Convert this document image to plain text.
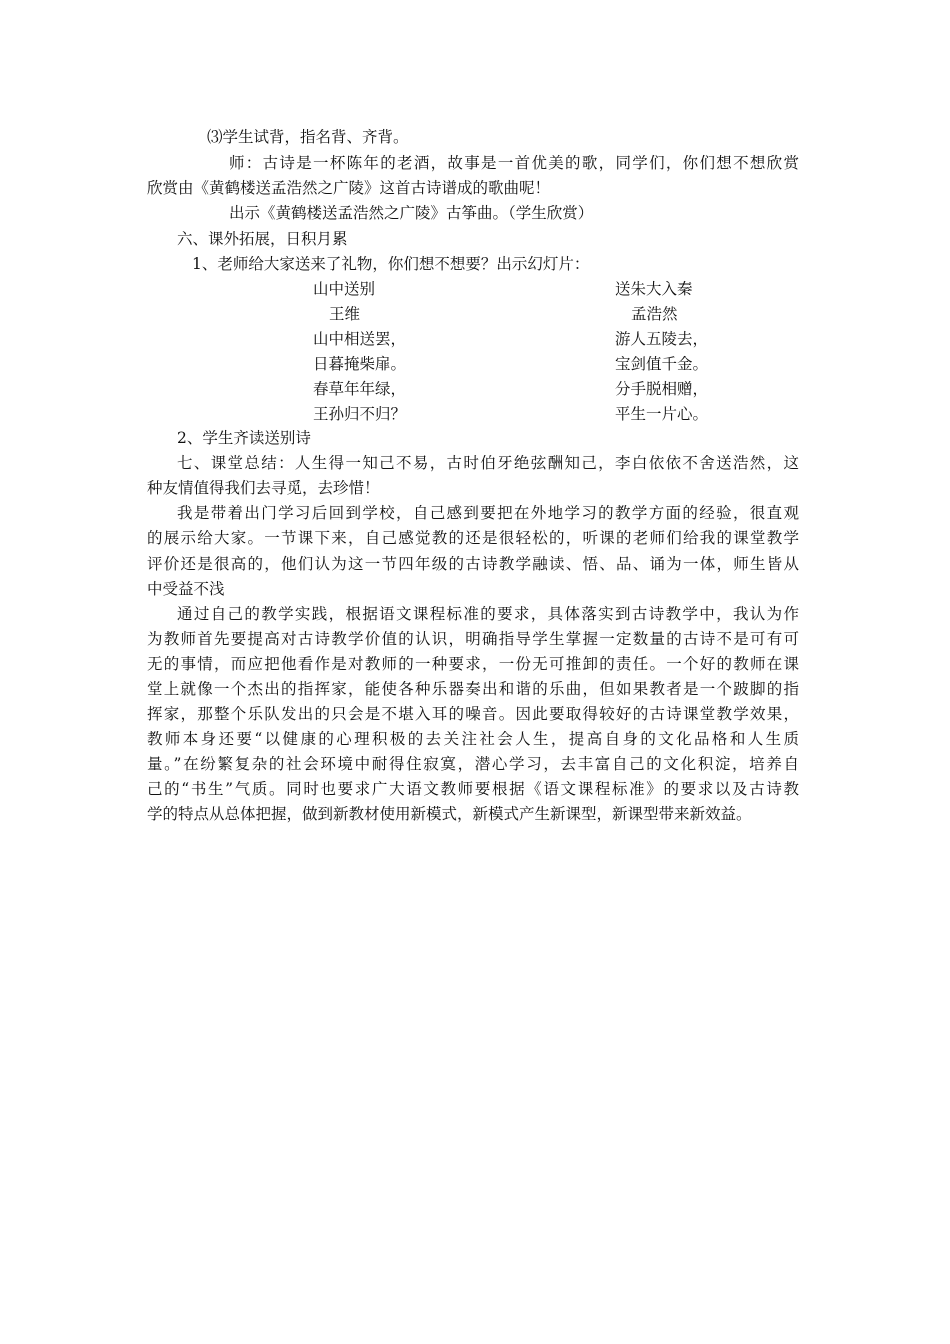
⑶学生试背，指名背、齐背。
师：古诗是一杯陈年的老酒，故事是一首优美的歌，同学们，你们想不想欣赏
欣赏由《黄鹤楼送孟浩然之广陵》这首古诗谱成的歌曲呢！
出示《黄鹤楼送孟浩然之广陵》古筝曲。（学生欣赏）
六、课外拓展，日积月累
1、老师给大家送来了礼物，你们想不想要？出示幻灯片：
山中送别
王维
山中相送罢，
日暮掩柴扉。
春草年年绿，
王孙归不归？
送朱大入秦
孟浩然
游人五陵去，
宝剑值千金。
分手脱相赠，
平生一片心。
2、学生齐读送别诗
七、课堂总结：人生得一知己不易，古时伯牙绝弦酬知己，李白依依不舍送浩然，这
种友情值得我们去寻觅，去珍惜！
我是带着出门学习后回到学校，自己感到要把在外地学习的教学方面的经验，很直观
的展示给大家。一节课下来，自己感觉教的还是很轻松的，听课的老师们给我的课堂教学
评价还是很高的，他们认为这一节四年级的古诗教学融读、悟、品、诵为一体，师生皆从
中受益不浅
通过自己的教学实践，根据语文课程标准的要求，具体落实到古诗教学中，我认为作
为教师首先要提高对古诗教学价值的认识，明确指导学生掌握一定数量的古诗不是可有可
无的事情，而应把他看作是对教师的一种要求，一份无可推卸的责任。一个好的教师在课
堂上就像一个杰出的指挥家，能使各种乐器奏出和谐的乐曲，但如果教者是一个跛脚的指
挥家，那整个乐队发出的只会是不堪入耳的噪音。因此要取得较好的古诗课堂教学效果，
教师本身还要“以健康的心理积极的去关注社会人生，提高自身的文化品格和人生质
量。”在纷繁复杂的社会环境中耐得住寂寞，潜心学习，去丰富自己的文化积淀，培养自
己的“书生”气质。同时也要求广大语文教师要根据《语文课程标准》的要求以及古诗教
学的特点从总体把握，做到新教材使用新模式，新模式产生新课型，新课型带来新效益。
